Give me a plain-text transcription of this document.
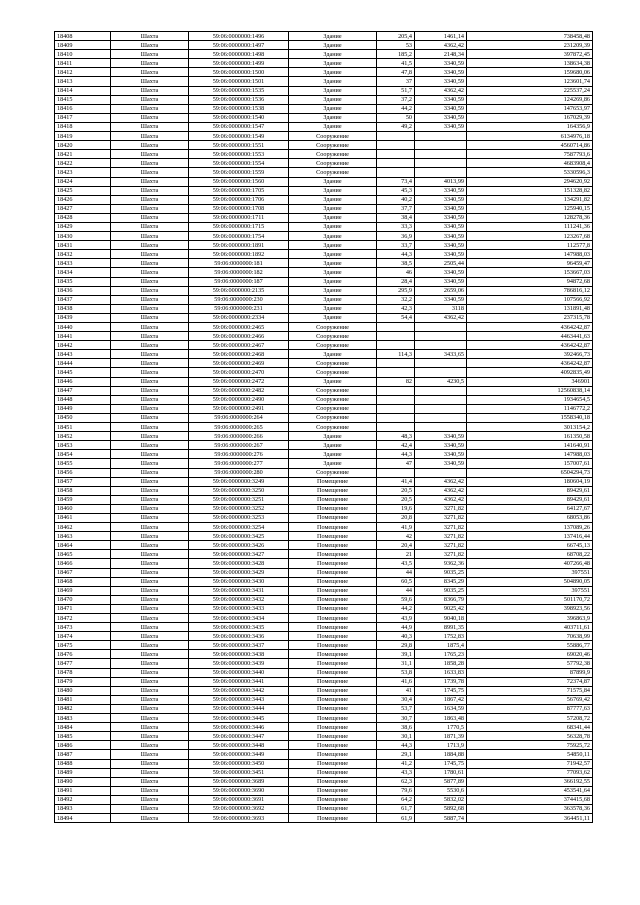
18408	Шахта	59:06:0000000:1496	Здание	205,4	1461,14	738458,48
18409	Шахта	59:06:0000000:1497	Здание	53	4362,42	231209,39
18410	Шахта	59:06:0000000:1498	Здание	185,2	2148,34	397872,45
18411	Шахта	59:06:0000000:1499	Здание	41,5	3340,59	138634,38
18412	Шахта	59:06:0000000:1500	Здание	47,8	3340,59	159680,06
18413	Шахта	59:06:0000000:1501	Здание	37	3340,59	123601,74
18414	Шахта	59:06:0000000:1535	Здание	51,7	4362,42	225537,24
18415	Шахта	59:06:0000000:1536	Здание	37,2	3340,59	124269,86
18416	Шахта	59:06:0000000:1538	Здание	44,2	3340,59	147653,97
18417	Шахта	59:06:0000000:1540	Здание	50	3340,59	167029,39
18418	Шахта	59:06:0000000:1547	Здание	49,2	3340,59	164356,9
18419	Шахта	59:06:0000000:1549	Сооружение			6134976,18
18420	Шахта	59:06:0000000:1551	Сооружение			4560714,86
18421	Шахта	59:06:0000000:1553	Сооружение			7587793,6
18422	Шахта	59:06:0000000:1554	Сооружение			4683908,4
18423	Шахта	59:06:0000000:1559	Сооружение			5330596,3
18424	Шахта	59:06:0000000:1560	Здание	73,4	4013,99	294620,92
18425	Шахта	59:06:0000000:1705	Здание	45,3	3340,59	151328,82
18426	Шахта	59:06:0000000:1706	Здание	40,2	3340,59	134291,82
18427	Шахта	59:06:0000000:1708	Здание	37,7	3340,59	125940,15
18428	Шахта	59:06:0000000:1711	Здание	38,4	3340,59	128278,36
18429	Шахта	59:06:0000000:1715	Здание	33,3	3340,59	111241,36
18430	Шахта	59:06:0000000:1754	Здание	36,9	3340,59	123267,68
18431	Шахта	59:06:0000000:1891	Здание	33,7	3340,59	112577,8
18432	Шахта	59:06:0000000:1892	Здание	44,3	3340,59	147988,03
18433	Шахта	59:06:0000000:181	Здание	38,5	2505,44	96459,47
18434	Шахта	59:06:0000000:182	Здание	46	3340,59	153667,03
18435	Шахта	59:06:0000000:187	Здание	28,4	3340,59	94872,68
18436	Шахта	59:06:0000000:2135	Здание	295,9	2659,06	786816,12
18437	Шахта	59:06:0000000:230	Здание	32,2	3340,59	107566,92
18438	Шахта	59:06:0000000:231	Здание	42,3	3118	131891,48
18439	Шахта	59:06:0000000:2334	Здание	54,4	4362,42	237315,78
18440	Шахта	59:06:0000000:2465	Сооружение			4364242,87
18441	Шахта	59:06:0000000:2466	Сооружение			4463441,63
18442	Шахта	59:06:0000000:2467	Сооружение			4364242,87
18443	Шахта	59:06:0000000:2468	Здание	114,3	3433,65	392466,73
18444	Шахта	59:06:0000000:2469	Сооружение			4364242,87
18445	Шахта	59:06:0000000:2470	Сооружение			4092835,49
18446	Шахта	59:06:0000000:2472	Здание	82	4230,5	346901
18447	Шахта	59:06:0000000:2482	Сооружение			12560838,14
18448	Шахта	59:06:0000000:2490	Сооружение			1934654,5
18449	Шахта	59:06:0000000:2491	Сооружение			1146772,2
18450	Шахта	59:06:0000000:264	Сооружение			1558340,18
18451	Шахта	59:06:0000000:265	Сооружение			3013154,2
18452	Шахта	59:06:0000000:266	Здание	48,3	3340,59	161350,58
18453	Шахта	59:06:0000000:267	Здание	42,4	3340,59	141640,91
18454	Шахта	59:06:0000000:276	Здание	44,3	3340,59	147988,03
18455	Шахта	59:06:0000000:277	Здание	47	3340,59	157007,61
18456	Шахта	59:06:0000000:280	Сооружение			6504294,73
18457	Шахта	59:06:0000000:3249	Помещение	41,4	4362,42	180604,19
18458	Шахта	59:06:0000000:3250	Помещение	20,5	4362,42	89429,61
18459	Шахта	59:06:0000000:3251	Помещение	20,5	4362,42	89429,61
18460	Шахта	59:06:0000000:3252	Помещение	19,6	3271,82	64127,67
18461	Шахта	59:06:0000000:3253	Помещение	20,8	3271,82	68053,86
18462	Шахта	59:06:0000000:3254	Помещение	41,9	3271,82	137089,26
18463	Шахта	59:06:0000000:3425	Помещение	42	3271,82	137416,44
18464	Шахта	59:06:0000000:3426	Помещение	20,4	3271,82	66745,13
18465	Шахта	59:06:0000000:3427	Помещение	21	3271,82	68708,22
18466	Шахта	59:06:0000000:3428	Помещение	43,5	9362,36	407266,48
18467	Шахта	59:06:0000000:3429	Помещение	44	9035,25	397551
18468	Шахта	59:06:0000000:3430	Помещение	60,5	8345,29	504890,05
18469	Шахта	59:06:0000000:3431	Помещение	44	9035,25	397551
18470	Шахта	59:06:0000000:3432	Помещение	59,6	8366,79	501170,72
18471	Шахта	59:06:0000000:3433	Помещение	44,2	9025,42	398923,56
18472	Шахта	59:06:0000000:3434	Помещение	43,9	9040,18	396863,9
18473	Шахта	59:06:0000000:3435	Помещение	44,9	8991,35	403711,61
18474	Шахта	59:06:0000000:3436	Помещение	40,3	1752,83	70638,99
18475	Шахта	59:06:0000000:3437	Помещение	29,8	1875,4	55886,77
18476	Шахта	59:06:0000000:3438	Помещение	39,1	1765,23	69020,46
18477	Шахта	59:06:0000000:3439	Помещение	31,1	1858,28	57792,38
18478	Шахта	59:06:0000000:3440	Помещение	53,8	1633,83	87899,9
18479	Шахта	59:06:0000000:3441	Помещение	41,6	1739,78	72374,87
18480	Шахта	59:06:0000000:3442	Помещение	41	1745,75	71575,84
18481	Шахта	59:06:0000000:3443	Помещение	30,4	1867,42	56769,42
18482	Шахта	59:06:0000000:3444	Помещение	53,7	1634,59	87777,63
18483	Шахта	59:06:0000000:3445	Помещение	30,7	1863,48	57208,72
18484	Шахта	59:06:0000000:3446	Помещение	38,6	1770,5	68341,44
18485	Шахта	59:06:0000000:3447	Помещение	30,1	1871,39	56328,78
18486	Шахта	59:06:0000000:3448	Помещение	44,3	1713,9	75925,72
18487	Шахта	59:06:0000000:3449	Помещение	29,1	1884,88	54850,11
18488	Шахта	59:06:0000000:3450	Помещение	41,2	1745,75	71942,57
18489	Шахта	59:06:0000000:3451	Помещение	43,3	1780,61	77093,62
18490	Шахта	59:06:0000000:3689	Помещение	62,3	5877,89	366192,55
18491	Шахта	59:06:0000000:3690	Помещение	79,6	5530,6	453541,64
18492	Шахта	59:06:0000000:3691	Помещение	64,2	5832,02	374415,68
18493	Шахта	59:06:0000000:3692	Помещение	61,7	5892,68	363578,36
18494	Шахта	59:06:0000000:3693	Помещение	61,9	5887,74	364451,11
